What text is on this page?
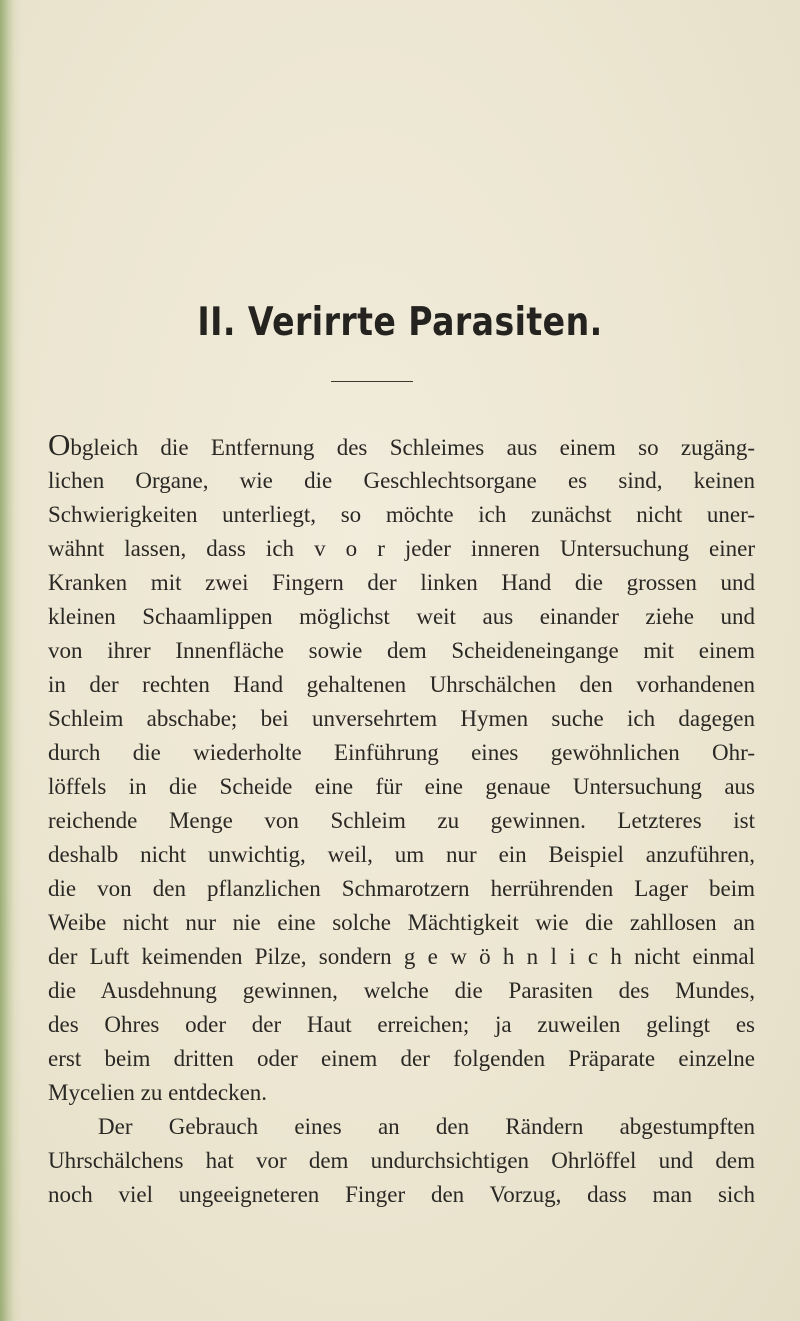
II. Verirrte Parasiten.
Obgleich die Entfernung des Schleimes aus einem so zugäng-
lichen Organe, wie die Geschlechtsorgane es sind, keinen
Schwierigkeiten unterliegt, so möchte ich zunächst nicht uner-
wähnt lassen, dass ich v o r jeder inneren Untersuchung einer
Kranken mit zwei Fingern der linken Hand die grossen und
kleinen Schaamlippen möglichst weit aus einander ziehe und
von ihrer Innenfläche sowie dem Scheideneingange mit einem
in der rechten Hand gehaltenen Uhrschälchen den vorhandenen
Schleim abschabe; bei unversehrtem Hymen suche ich dagegen
durch die wiederholte Einführung eines gewöhnlichen Ohr-
löffels in die Scheide eine für eine genaue Untersuchung aus
reichende Menge von Schleim zu gewinnen. Letzteres ist
deshalb nicht unwichtig, weil, um nur ein Beispiel anzuführen,
die von den pflanzlichen Schmarotzern herrührenden Lager beim
Weibe nicht nur nie eine solche Mächtigkeit wie die zahllosen an
der Luft keimenden Pilze, sondern g e w ö h n l i c h nicht einmal
die Ausdehnung gewinnen, welche die Parasiten des Mundes,
des Ohres oder der Haut erreichen; ja zuweilen gelingt es
erst beim dritten oder einem der folgenden Präparate einzelne
Mycelien zu entdecken.
Der Gebrauch eines an den Rändern abgestumpften
Uhrschälchens hat vor dem undurchsichtigen Ohrlöffel und dem
noch viel ungeeigneteren Finger den Vorzug, dass man sich
